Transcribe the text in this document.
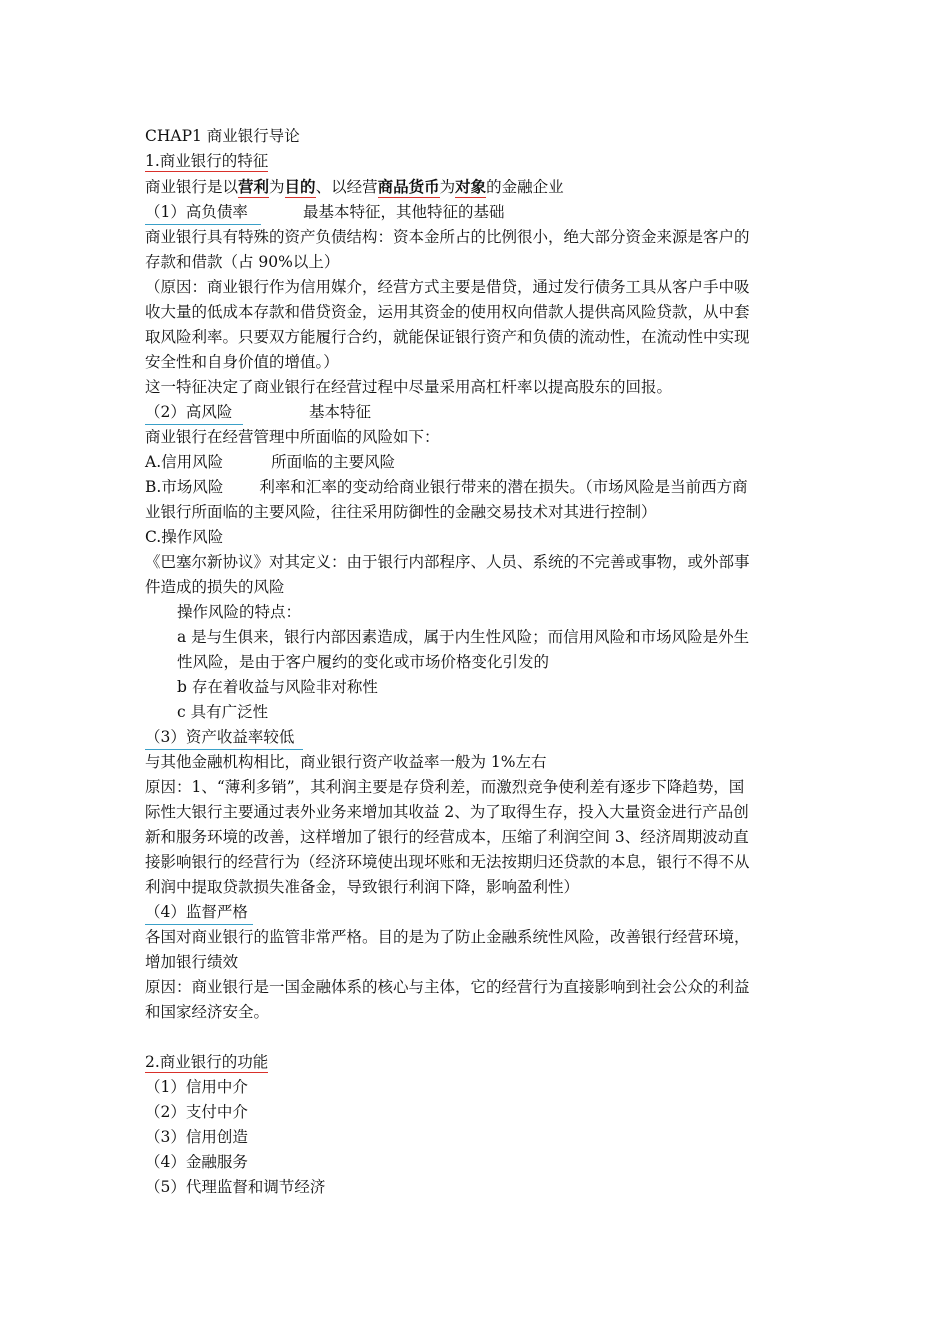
CHAP1 商业银行导论
1.商业银行的特征
商业银行是以营利为目的、以经营商品货币为对象的金融企业
（1）高负债率	最基本特征，其他特征的基础
商业银行具有特殊的资产负债结构：资本金所占的比例很小，绝大部分资金来源是客户的
存款和借款（占 90%以上）
（原因：商业银行作为信用媒介，经营方式主要是借贷，通过发行债务工具从客户手中吸
收大量的低成本存款和借贷资金，运用其资金的使用权向借款人提供高风险贷款，从中套
取风险利率。只要双方能履行合约，就能保证银行资产和负债的流动性，在流动性中实现
安全性和自身价值的增值。）
这一特征决定了商业银行在经营过程中尽量采用高杠杆率以提高股东的回报。
（2）高风险	基本特征
商业银行在经营管理中所面临的风险如下：
A.信用风险	所面临的主要风险
B.市场风险 利率和汇率的变动给商业银行带来的潜在损失。（市场风险是当前西方商
业银行所面临的主要风险，往往采用防御性的金融交易技术对其进行控制）
C.操作风险
《巴塞尔新协议》对其定义：由于银行内部程序、人员、系统的不完善或事物，或外部事
件造成的损失的风险
操作风险的特点：
a 是与生俱来，银行内部因素造成，属于内生性风险；而信用风险和市场风险是外生
性风险，是由于客户履约的变化或市场价格变化引发的
b 存在着收益与风险非对称性
c 具有广泛性
（3）资产收益率较低
与其他金融机构相比，商业银行资产收益率一般为 1%左右
原因：1、“薄利多销”，其利润主要是存贷利差，而激烈竞争使利差有逐步下降趋势，国
际性大银行主要通过表外业务来增加其收益 2、为了取得生存，投入大量资金进行产品创
新和服务环境的改善，这样增加了银行的经营成本，压缩了利润空间 3、经济周期波动直
接影响银行的经营行为（经济环境使出现坏账和无法按期归还贷款的本息，银行不得不从
利润中提取贷款损失准备金，导致银行利润下降，影响盈利性）
（4）监督严格
各国对商业银行的监管非常严格。目的是为了防止金融系统性风险，改善银行经营环境，
增加银行绩效
原因：商业银行是一国金融体系的核心与主体，它的经营行为直接影响到社会公众的利益
和国家经济安全。
2.商业银行的功能
（1）信用中介
（2）支付中介
（3）信用创造
（4）金融服务
（5）代理监督和调节经济
